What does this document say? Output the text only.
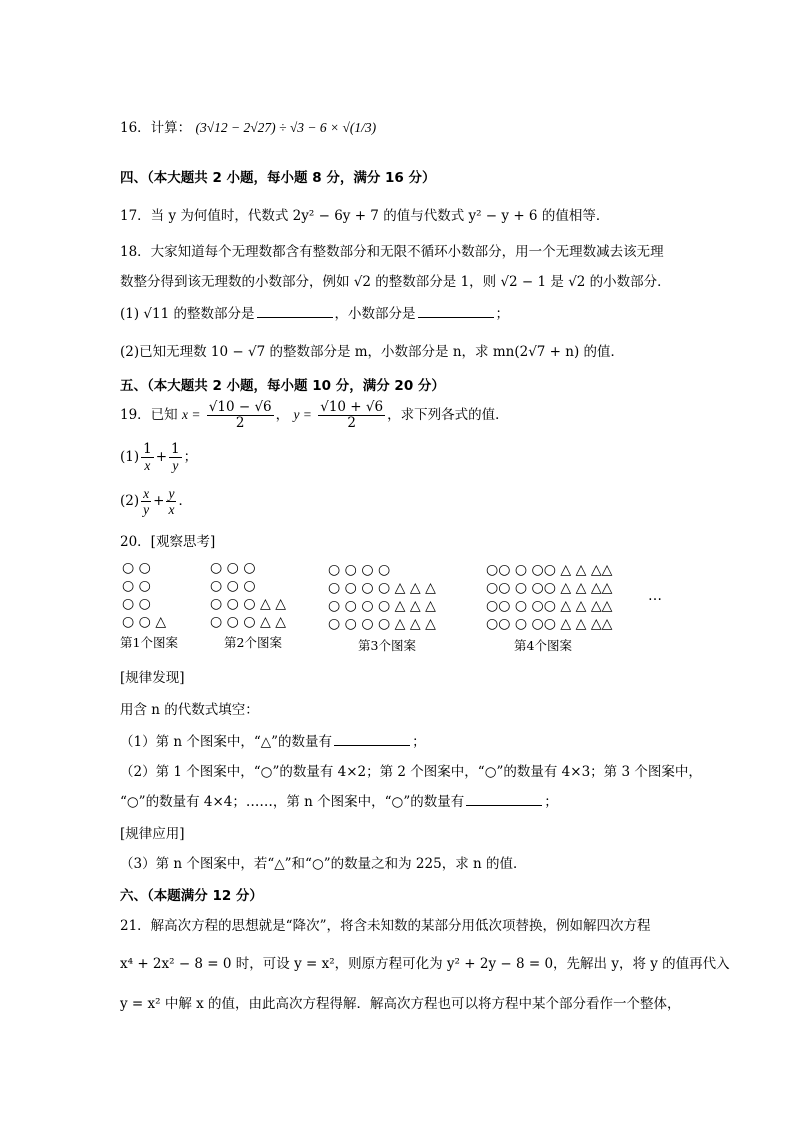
16．计算： (3√12 − 2√27) ÷ √3 − 6 × √(1/3)
四、（本大题共 2 小题，每小题 8 分，满分 16 分）
17．当 y 为何值时，代数式 2y² − 6y + 7 的值与代数式 y² − y + 6 的值相等．
18．大家知道每个无理数都含有整数部分和无限不循环小数部分，用一个无理数减去该无理
数整分得到该无理数的小数部分，例如 √2 的整数部分是 1，则 √2 − 1 是 √2 的小数部分．
(1) √11 的整数部分是	，小数部分是	；
(2)已知无理数 10 − √7 的整数部分是 m，小数部分是 n，求 mn(2√7 + n) 的值．
五、（本大题共 2 小题，每小题 10 分，满分 20 分）
19．已知 $x = \frac{√10 - √6}{2}$ ， $y = \frac{√10 + √6}{2}$ ，求下列各式的值．
$(1) \frac{1}{x} + \frac{1}{y}$ ；
$(2) \frac{x}{y} + \frac{y}{x}$ ．
20．[观察思考]
○ ○
○ ○
○ ○
○ ○ △
第1个图案
○ ○ ○
○ ○ ○
○ ○ ○ △ △
○ ○ ○ △ △
第2个图案
○ ○ ○ ○
○ ○ ○ ○ △ △ △
○ ○ ○ ○ △ △ △
○ ○ ○ ○ △ △ △
第3个图案
○○ ○ ○○ △ △ △△
○○ ○ ○○ △ △ △△
○○ ○ ○○ △ △ △△
○○ ○ ○○ △ △ △△
…
第4个图案
[规律发现]
用含 n 的代数式填空：
（1）第 n 个图案中，“△”的数量有	；
（2）第 1 个图案中，“○”的数量有 4×2；第 2 个图案中，“○”的数量有 4×3；第 3 个图案中，
“○”的数量有 4×4；……，第 n 个图案中，“○”的数量有	；
[规律应用]
（3）第 n 个图案中，若“△”和“○”的数量之和为 225，求 n 的值．
六、（本题满分 12 分）
21．解高次方程的思想就是“降次”，将含未知数的某部分用低次项替换，例如解四次方程
x⁴ + 2x² − 8 = 0 时，可设 y = x²，则原方程可化为 y² + 2y − 8 = 0，先解出 y，将 y 的值再代入
y = x² 中解 x 的值，由此高次方程得解．解高次方程也可以将方程中某个部分看作一个整体，
